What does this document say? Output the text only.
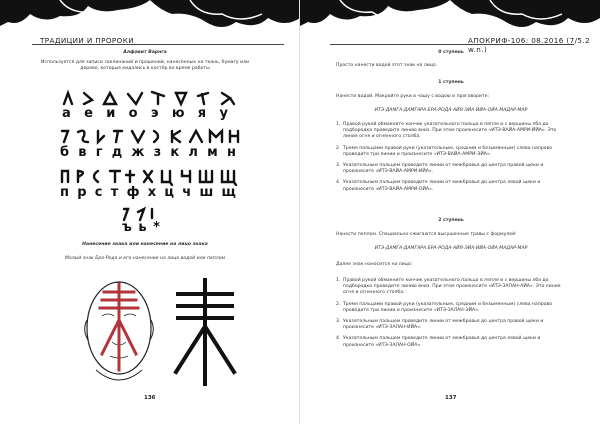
ТРАДИЦИИ И ПРОРОКИ
Алфавит Варнга
Используется для записи заклинаний и прошений, нанесенных на ткань, бумагу или дерево, которые кидались в костёр во время работы
а е и о э ю я у
б в г д ж з к л м н
п р с т ф х ц ч ш щ
ъ ь *
Нанесение знака или нанесение на лицо знака
Малый знак Бро-Рода и его нанесение на лицо водой или пеплом
136
АПОКРИФ-106: 08.2016 (7/5.2 w.n.)
0 ступень
Просто нанести водой этот знак на лицо.
1 ступень
Нанести водой. Макройте руки в чашу с водою и проговорите:
ИТЭ-ДАМГА-ДАМГАРА БРА-РОДА-АЙЯ-ЭЙА-ИЙА-ОЙА МАДАР-МАР
1. Правой рукой обмакните кончик указательного пальца в пепле и с вершины лба до подбородка проведите линию вниз. При этом произнесите «ИТЭ-ВАЙА-АМРИ-ЙЙА». Это линия огня и огненного столба.
2. Тремя пальцами правой руки (указательным, средним и безымянным) слева направо проведите три линии и произнесите «ИТЭ-ВАЙА-АМРИ-ЭЙА».
3. Указательным пальцем проведите линии от межбровья до центра правой щеки и произнесите «ИТЭ-ВАЙА-АМРИ-ИЙА».
4. Указательным пальцем проведите линии от межбровья до центра левой щеки и произнесите «ИТЭ-ВАЙА-АМРИ-ОЙА».
2 ступень
Нанести пеплом. Специально сжигаются высушенные травы с формулой:
ИТЭ-ДАМГА-ДАМГАРА БРА-РОДА-АЙЯ-ЭЙА-ИЙА-ОЙА МАДАР-МАР
Далее знак наносится на лицо:
1. Правой рукой обмакните кончик указательного пальца в пепле и с вершины лба до подбородка проведите линию вниз. При этом произнесите «ИТЭ-ЗАЛАН-АЙА». Это линия огня и огненного столба.
2. Тремя пальцами правой руки (указательным, средним и безымянным) слева направо проведите три линии и произнесите «ИТЭ-ЗАЛАН-ЭЙА».
3. Указательным пальцем проведите линии от межбровья до центра правой щеки и произнесите «ИТЭ-ЗАЛАН-ИЙА».
4. Указательным пальцем проведите линии от межбровья до центра левой щеки и произнесите «ИТЭ-ЗАЛАН-ОЙА».
137
